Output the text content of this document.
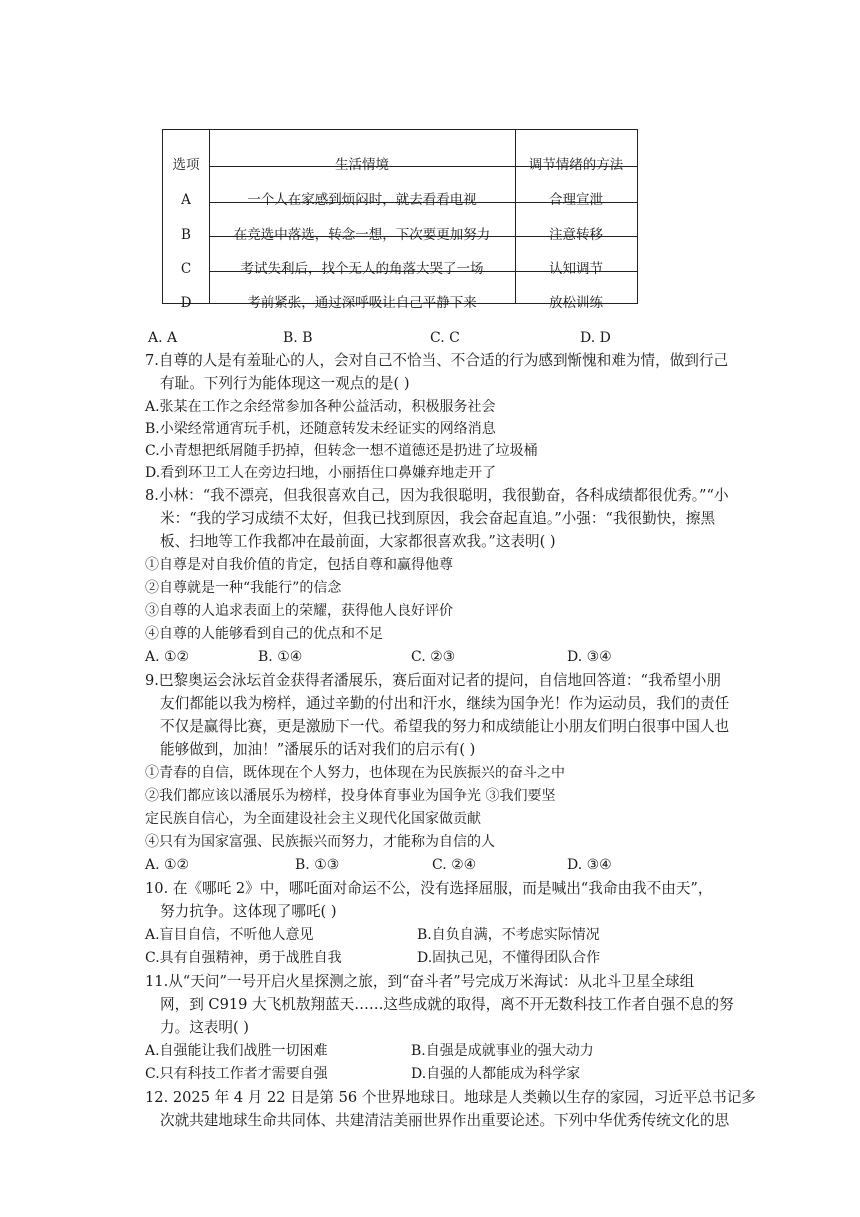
选项	生活情境	调节情绪的方法
A	一个人在家感到烦闷时，就去看看电视	合理宣泄
B	在竞选中落选，转念一想，下次要更加努力	注意转移
C	考试失利后，找个无人的角落大哭了一场	认知调节
D	考前紧张，通过深呼吸让自己平静下来	放松训练
A. A	B. B	C. C	D. D
7.自尊的人是有羞耻心的人，会对自己不恰当、不合适的行为感到惭愧和难为情，做到行己
有耻。下列行为能体现这一观点的是( )
A.张某在工作之余经常参加各种公益活动，积极服务社会
B.小梁经常通宵玩手机，还随意转发未经证实的网络消息
C.小青想把纸屑随手扔掉，但转念一想不道德还是扔进了垃圾桶
D.看到环卫工人在旁边扫地，小丽捂住口鼻嫌弃地走开了
8.小林：“我不漂亮，但我很喜欢自己，因为我很聪明，我很勤奋，各科成绩都很优秀。”“小
米：“我的学习成绩不太好，但我已找到原因，我会奋起直追。”小强：“我很勤快，擦黑
板、扫地等工作我都冲在最前面，大家都很喜欢我。”这表明( )
①自尊是对自我价值的肯定，包括自尊和赢得他尊
②自尊就是一种“我能行”的信念
③自尊的人追求表面上的荣耀，获得他人良好评价
④自尊的人能够看到自己的优点和不足
A. ①②	B. ①④	C. ②③	D. ③④
9.巴黎奥运会泳坛首金获得者潘展乐，赛后面对记者的提问，自信地回答道：“我希望小朋
友们都能以我为榜样，通过辛勤的付出和汗水，继续为国争光！作为运动员，我们的责任
不仅是赢得比赛，更是激励下一代。希望我的努力和成绩能让小朋友们明白很事中国人也
能够做到，加油！”潘展乐的话对我们的启示有( )
①青春的自信，既体现在个人努力，也体现在为民族振兴的奋斗之中
②我们都应该以潘展乐为榜样，投身体育事业为国争光 ③我们要坚
定民族自信心，为全面建设社会主义现代化国家做贡献
④只有为国家富强、民族振兴而努力，才能称为自信的人
A. ①②	B. ①③	C. ②④	D. ③④
10. 在《哪吒 2》中，哪吒面对命运不公，没有选择屈服，而是喊出“我命由我不由天”，
努力抗争。这体现了哪吒( )
A.盲目自信，不听他人意见	B.自负自满，不考虑实际情况
C.具有自强精神，勇于战胜自我	D.固执己见，不懂得团队合作
11.从“天问”一号开启火星探测之旅，到“奋斗者”号完成万米海试：从北斗卫星全球组
网，到 C919 大飞机敖翔蓝天……这些成就的取得，离不开无数科技工作者自强不息的努
力。这表明( )
A.自强能让我们战胜一切困难	B.自强是成就事业的强大动力
C.只有科技工作者才需要自强	D.自强的人都能成为科学家
12. 2025 年 4 月 22 日是第 56 个世界地球日。地球是人类赖以生存的家园，习近平总书记多
次就共建地球生命共同体、共建清洁美丽世界作出重要论述。下列中华优秀传统文化的思
